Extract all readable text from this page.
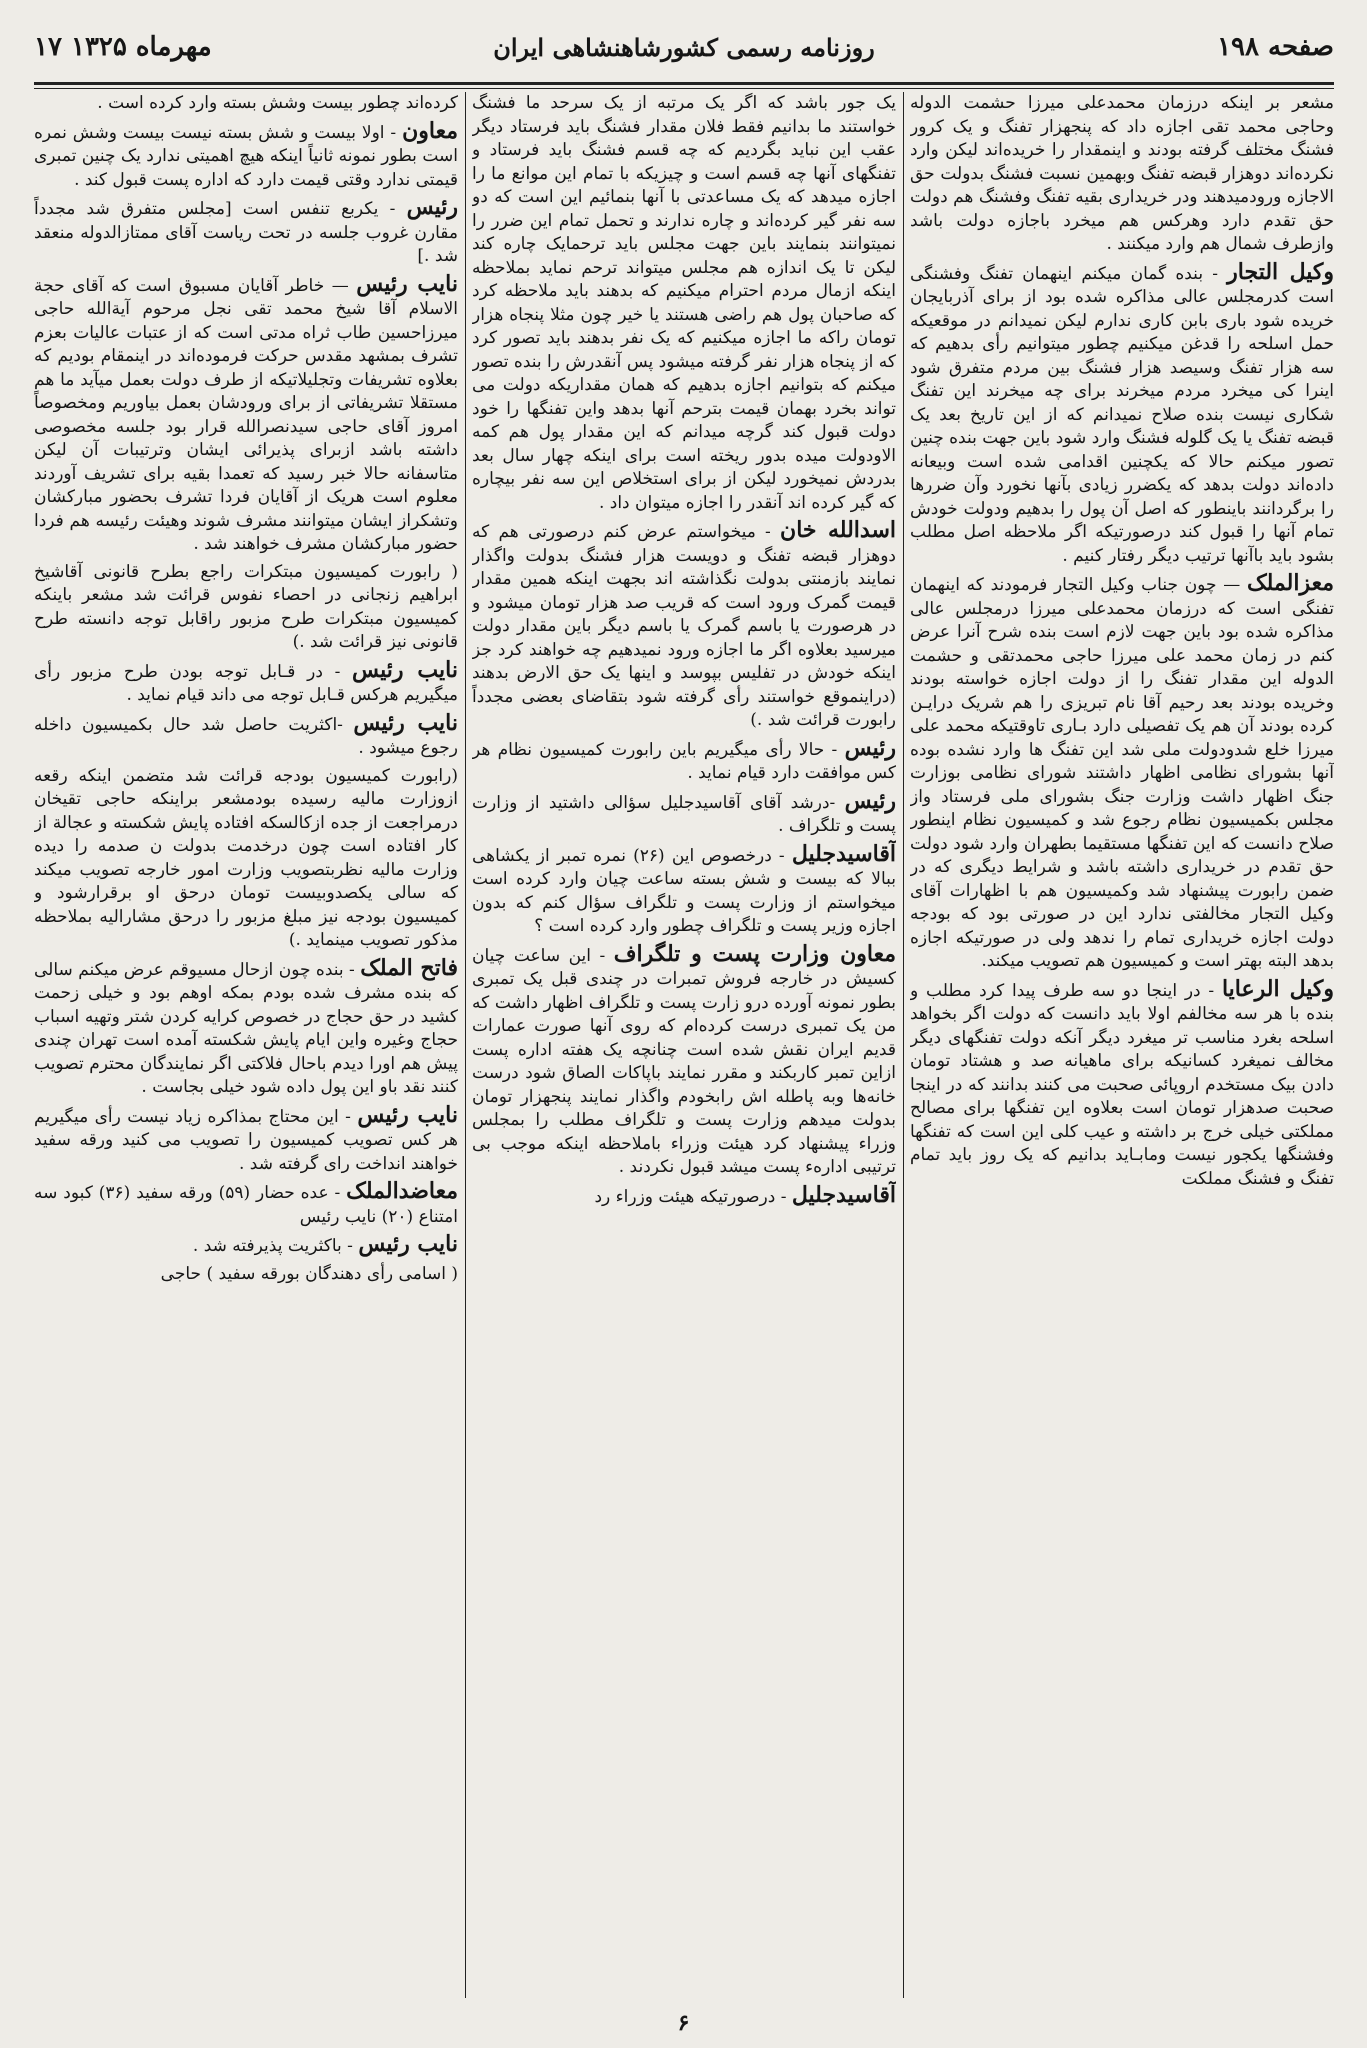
۱۷ مهرماه ۱۳۲۵	روزنامه رسمی کشورشاهنشاهی ایران	صفحه ۱۹۸

مشعر بر اینکه درزمان محمدعلی میرزا حشمت الدوله وحاجی محمد تقی اجازه داد که پنجهزار تفنگ و یک کرور فشنگ مختلف گرفته بودند و اینمقدار را خریده‌اند لیکن وارد نکرده‌اند دوهزار قبضه تفنگ وبهمین نسبت فشنگ بدولت حق الاجازه ورودمیدهند ودر خریداری بقیه تفنگ وفشنگ هم دولت حق تقدم دارد وهرکس هم میخرد باجازه دولت باشد وازطرف شمال هم وارد میکنند .

وکیل التجار - بنده گمان میکنم اینهمان تفنگ وفشنگی است کدرمجلس عالی مذاکره شده بود از برای آذربایجان خریده شود باری بابن کاری ندارم لیکن نمیدانم در موقعیکه حمل اسلحه را قدغن میکنیم چطور میتوانیم رأی بدهیم که سه هزار تفنگ وسیصد هزار فشنگ بین مردم متفرق شود اینرا کی میخرد مردم میخرند برای چه میخرند این تفنگ شکاری نیست بنده صلاح نمیدانم که از این تاریخ بعد یک قبضه تفنگ یا یک گلوله فشنگ وارد شود باین جهت بنده چنین تصور میکنم حالا که یکچنین اقدامی شده است وبیعانه داده‌اند دولت بدهد که یکضرر زیادی بآنها نخورد وآن ضررها را برگردانند باینطور که اصل آن پول را بدهیم ودولت خودش تمام آنها را قبول کند درصورتیکه اگر ملاحظه اصل مطلب بشود باید باآنها ترتیب دیگر رفتار کنیم .

معزالملک — چون جناب وکیل التجار فرمودند که اینهمان تفنگی است که درزمان محمدعلی میرزا درمجلس عالی مذاکره شده بود باین جهت لازم است بنده شرح آنرا عرض کنم در زمان محمد علی میرزا حاجی محمدتقی و حشمت الدوله این مقدار تفنگ را از دولت اجازه خواسته بودند وخریده بودند بعد رحیم آقا نام تبریزی را هم شریک درایـن کرده بودند آن هم یک تفصیلی دارد بـاری تاوقتیکه محمد علی میرزا خلع شدودولت ملی شد این تفنگ ها وارد نشده بوده آنها بشورای نظامی اظهار داشتند شورای نظامی بوزارت جنگ اظهار داشت وزارت جنگ بشورای ملی فرستاد واز مجلس بکمیسیون نظام رجوع شد و کمیسیون نظام اینطور صلاح دانست که این تفنگها مستقیما بطهران وارد شود دولت حق تقدم در خریداری داشته باشد و شرایط دیگری که در ضمن رابورت پیشنهاد شد وکمیسیون هم با اظهارات آقای وکیل التجار مخالفتی ندارد این در صورتی بود که بودجه دولت اجازه خریداری تمام را ندهد ولی در صورتیکه اجازه بدهد البته بهتر است و کمیسیون هم تصویب میکند.

وکیل الرعایا - در اینجا دو سه طرف پیدا کرد مطلب و بنده با هر سه مخالفم اولا باید دانست که دولت اگر بخواهد اسلحه بغرد مناسب تر میغرد دیگر آنکه دولت تفنگهای دیگر مخالف نمیغرد کسانیکه برای ماهیانه صد و هشتاد تومان دادن بیک مستخدم اروپائی صحبت می کنند بدانند که در اینجا صحبت صدهزار تومان است بعلاوه این تفنگها برای مصالح مملکتی خیلی خرج بر داشته و عیب کلی این است که تفنگها وفشنگها یکجور نیست ومابـاید بدانیم که یک روز باید تمام تفنگ و فشنگ مملکت

یک جور باشد که اگر یک مرتبه از یک سرحد ما فشنگ خواستند ما بدانیم فقط فلان مقدار فشنگ باید فرستاد دیگر عقب این نباید بگردیم که چه قسم فشنگ باید فرستاد و تفنگهای آنها چه قسم است و چیزیکه با تمام این موانع ما را اجازه میدهد که یک مساعدتی با آنها بنمائیم این است که دو سه نفر گیر کرده‌اند و چاره ندارند و تحمل تمام این ضرر را نمیتوانند بنمایند باین جهت مجلس باید ترحمایک چاره کند لیکن تا یک اندازه هم مجلس میتواند ترحم نماید بملاحظه اینکه ازمال مردم احترام میکنیم که بدهند باید ملاحظه کرد که صاحبان پول هم راضی هستند یا خیر چون مثلا پنجاه هزار تومان راکه ما اجازه میکنیم که یک نفر بدهند باید تصور کرد که از پنجاه هزار نفر گرفته میشود پس آنقدرش را بنده تصور میکنم که بتوانیم اجازه بدهیم که همان مقداریکه دولت می تواند بخرد بهمان قیمت بترحم آنها بدهد واین تفنگها را خود دولت قبول کند گرچه میدانم که این مقدار پول هم کمه الاودولت میده بدور ریخته است برای اینکه چهار سال بعد بدردش نمیخورد لیکن از برای استخلاص این سه نفر بیچاره که گیر کرده اند آنقدر را اجازه میتوان داد .

اسدالله خان - میخواستم عرض کنم درصورتی هم که دوهزار قبضه تفنگ و دویست هزار فشنگ بدولت واگذار نمایند بازمنتی بدولت نگذاشته اند بجهت اینکه همین مقدار قیمت گمرک ورود است که قریب صد هزار تومان میشود و در هرصورت یا باسم گمرک یا باسم دیگر باین مقدار دولت میرسید بعلاوه اگر ما اجازه ورود نمیدهیم چه خواهند کرد جز اینکه خودش در تفلیس بپوسد و اینها یک حق الارض بدهند (دراینموقع خواستند رأی گرفته شود بتقاضای بعضی مجدداً رابورت قرائت شد .)

رئیس - حالا رأی میگیریم باین رابورت کمیسیون نظام هر کس موافقت دارد قیام نماید .

رئیس -درشد آقای آقاسیدجلیل سؤالی داشتید از وزارت پست و تلگراف .

آقاسیدجلیل - درخصوص این (۲۶) نمره تمبر از یکشاهی ببالا که بیست و شش بسته ساعت چیان وارد کرده است میخواستم از وزارت پست و تلگراف سؤال کنم که بدون اجازه وزیر پست و تلگراف چطور وارد کرده است ؟

معاون وزارت پست و تلگراف - این ساعت چیان کسیش در خارجه فروش تمبرات در چندی قبل یک تمبری بطور نمونه آورده درو زارت پست و تلگراف اظهار داشت که من یک تمبری درست کرده‌ام که روی آنها صورت عمارات قدیم ایران نقش شده است چنانچه یک هفته اداره پست ازاین تمبر کاربکند و مقرر نمایند باپاکات الصاق شود درست خانه‌ها وبه پاطله اش رابخودم واگذار نمایند پنجهزار تومان بدولت میدهم وزارت پست و تلگراف مطلب را بمجلس وزراء پیشنهاد کرد هیئت وزراء باملاحظه اینکه موجب بی ترتیبی ادارهء پست میشد قبول نکردند .

آقاسیدجلیل - درصورتیکه هیئت وزراء رد

کرده‌اند چطور بیست وشش بسته وارد کرده است .

معاون - اولا بیست و شش بسته نیست بیست وشش نمره است بطور نمونه ثانیاً اینکه هیچ اهمیتی ندارد یک چنین تمبری قیمتی ندارد وقتی قیمت دارد که اداره پست قبول کند .

رئیس - یکربع تنفس است [مجلس متفرق شد مجدداً مقارن غروب جلسه در تحت ریاست آقای ممتازالدوله منعقد شد .]

نایب رئیس — خاطر آقایان مسبوق است که آقای حجة الاسلام آقا شیخ محمد تقی نجل مرحوم آیةالله حاجی میرزاحسین طاب ثراه مدتی است که از عتبات عالیات بعزم تشرف بمشهد مقدس حرکت فرموده‌اند در اینمقام بودیم که بعلاوه تشریفات وتجلیلاتیکه از طرف دولت بعمل میآید ما هم مستقلا تشریفاتی از برای ورودشان بعمل بیاوریم ومخصوصاً امروز آقای حاجی سیدنصرالله قرار بود جلسه مخصوصی داشته باشد ازبرای پذیرائی ایشان وترتیبات آن لیکن متاسفانه حالا خبر رسید که تعمدا بقیه برای تشریف آوردند معلوم است هریک از آقایان فردا تشرف بحضور مبارکشان وتشکراز ایشان میتوانند مشرف شوند وهیئت رئیسه هم فردا حضور مبارکشان مشرف خواهند شد .

( رابورت کمیسیون مبتکرات راجع بطرح قانونی آقاشیخ ابراهیم زنجانی در احصاء نفوس قرائت شد مشعر باینکه کمیسیون مبتکرات طرح مزبور راقابل توجه دانسته طرح قانونی نیز قرائت شد .)

نایب رئیس - در قـابل توجه بودن طرح مزبور رأی میگیریم هرکس قـابل توجه می داند قیام نماید .

نایب رئیس -اکثریت حاصل شد حال بکمیسیون داخله رجوع میشود .

(رابورت کمیسیون بودجه قرائت شد متضمن اینکه رقعه ازوزارت مالیه رسیده بودمشعر براینکه حاجی تقیخان درمراجعت از جده ازکالسکه افتاده پایش شکسته و عجالة از کار افتاده است چون درخدمت بدولت ن صدمه را دیده وزارت مالیه نظربتصویب وزارت امور خارجه تصویب میکند که سالی یکصدوبیست تومان درحق او برقرارشود و کمیسیون بودجه نیز مبلغ مزبور را درحق مشارالیه بملاحظه مذکور تصویب مینماید .)

فاتح الملک - بنده چون ازحال مسیوقم عرض میکنم سالی که بنده مشرف شده بودم بمکه اوهم بود و خیلی زحمت کشید در حق حجاج در خصوص کرایه کردن شتر وتهیه اسباب حجاج وغیره واین ایام پایش شکسته آمده است تهران چندی پیش هم اورا دیدم باحال فلاکتی اگر نمایندگان محترم تصویب کنند نقد باو این پول داده شود خیلی بجاست .

نایب رئیس - این محتاج بمذاکره زیاد نیست رأی میگیریم هر کس تصویب کمیسیون را تصویب می کنید ورقه سفید خواهند انداخت رای گرفته شد .

معاضدالملک - عده حضار (۵۹) ورقه سفید (۳۶) کبود سه امتناع (۲۰) نایب رئیس

نایب رئیس - باکثریت پذیرفته شد .

( اسامی رأی دهندگان بورقه سفید ) حاجی

۶
